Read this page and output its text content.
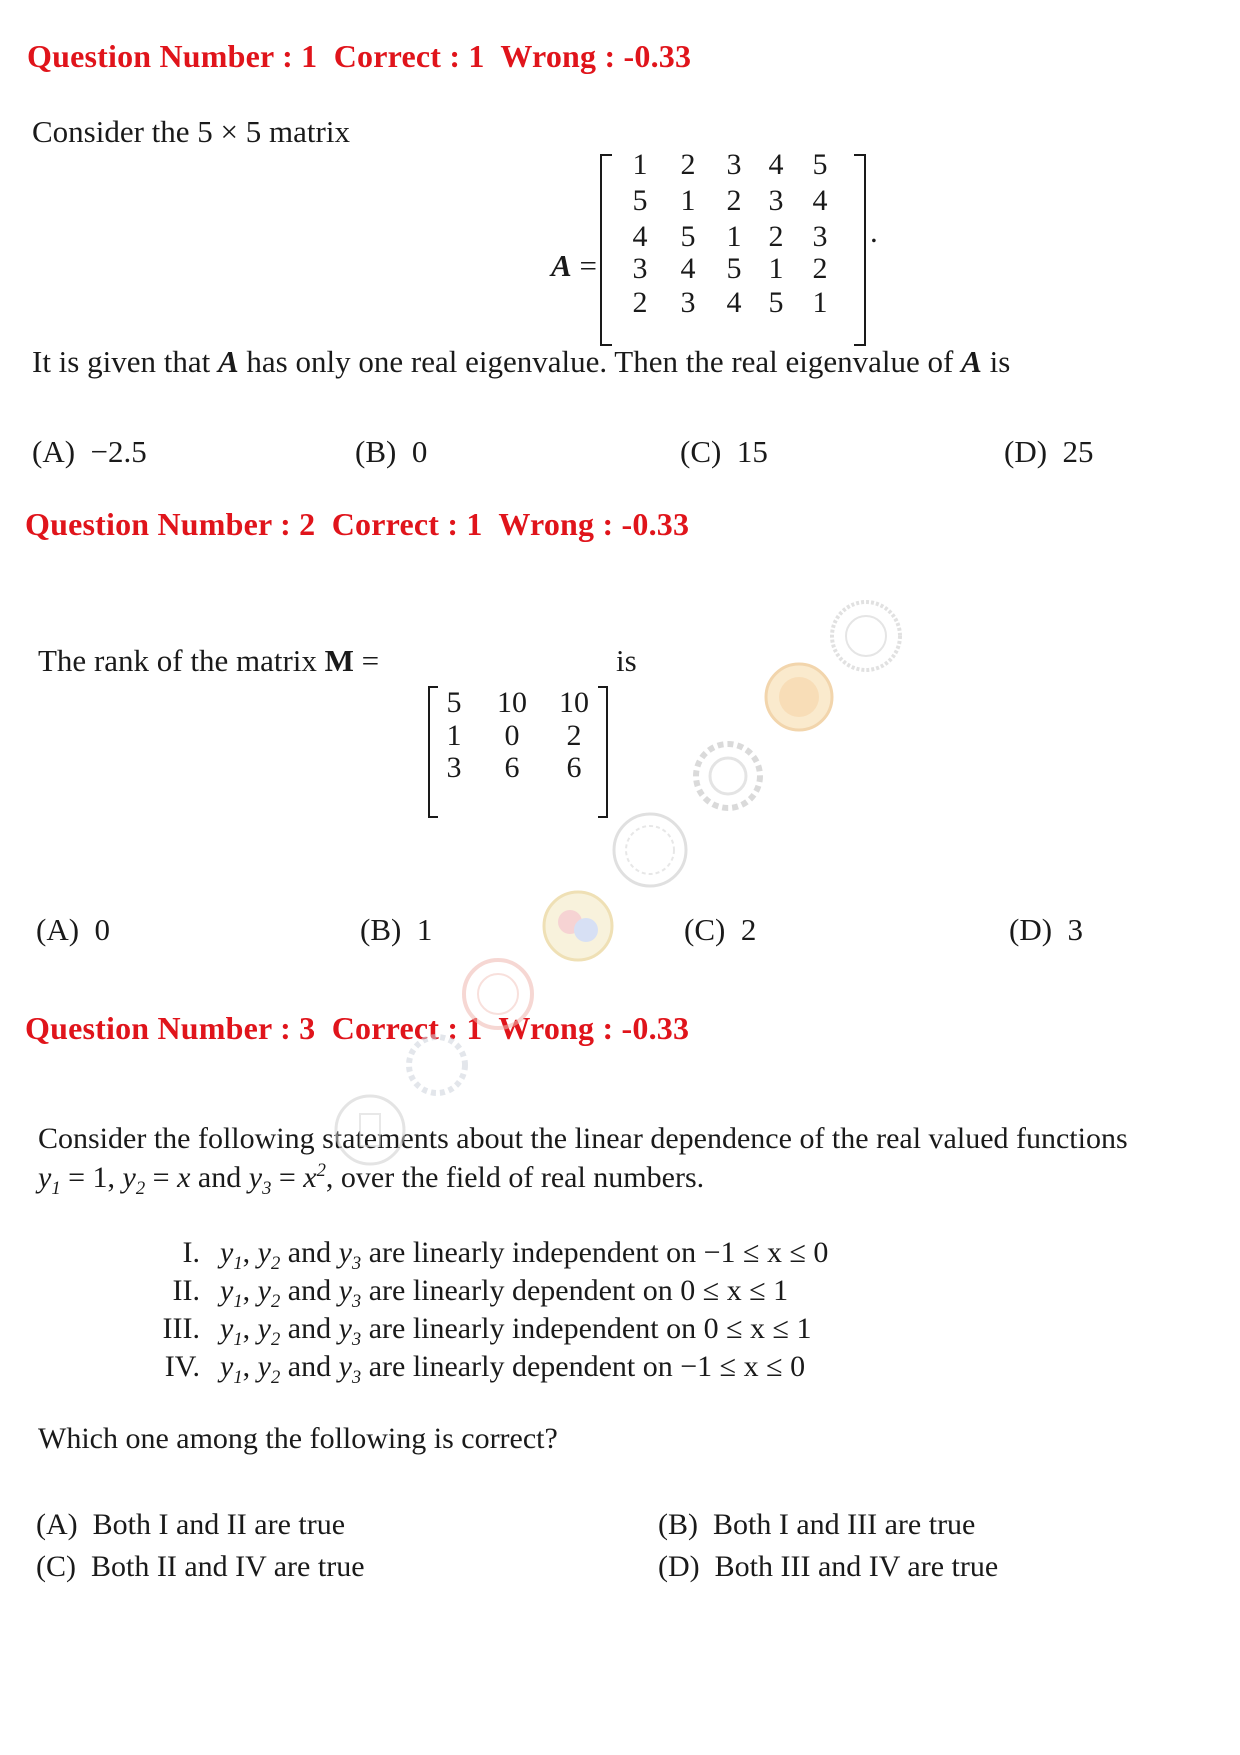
Question Number : 1  Correct : 1  Wrong : -0.33
Consider the 5 × 5 matrix

A =

1	2	3 4 5
5	1	2 3 4
4	5	1 2 3
3	4	5 1 2
2	3	4 5 1
.
It is given that A has only one real eigenvalue. Then the real eigenvalue of A is
(A)  −2.5	(B)  0	(C)  15	(D)  25
Question Number : 2  Correct : 1  Wrong : -0.33
The rank of the matrix M =
5	10 10
1	0	2
3	6	6
is
(A)  0	(B)  1	(C)  2	(D)  3
Question Number : 3  Correct : 1  Wrong : -0.33
Consider the following statements about the linear dependence of the real valued functions
$y_1 = 1$, $y_2 = x$ and $y_3 = x^2$, over the field of real numbers.
I. $y_1$, $y_2$ and $y_3$ are linearly independent on −1 ≤ x ≤ 0
II. $y_1$, $y_2$ and $y_3$ are linearly dependent on 0 ≤ x ≤ 1
III. $y_1$, $y_2$ and $y_3$ are linearly independent on 0 ≤ x ≤ 1
IV. $y_1$, $y_2$ and $y_3$ are linearly dependent on −1 ≤ x ≤ 0
Which one among the following is correct?
(A)  Both I and II are true	(B)  Both I and III are true
(C)  Both II and IV are true	(D)  Both III and IV are true
